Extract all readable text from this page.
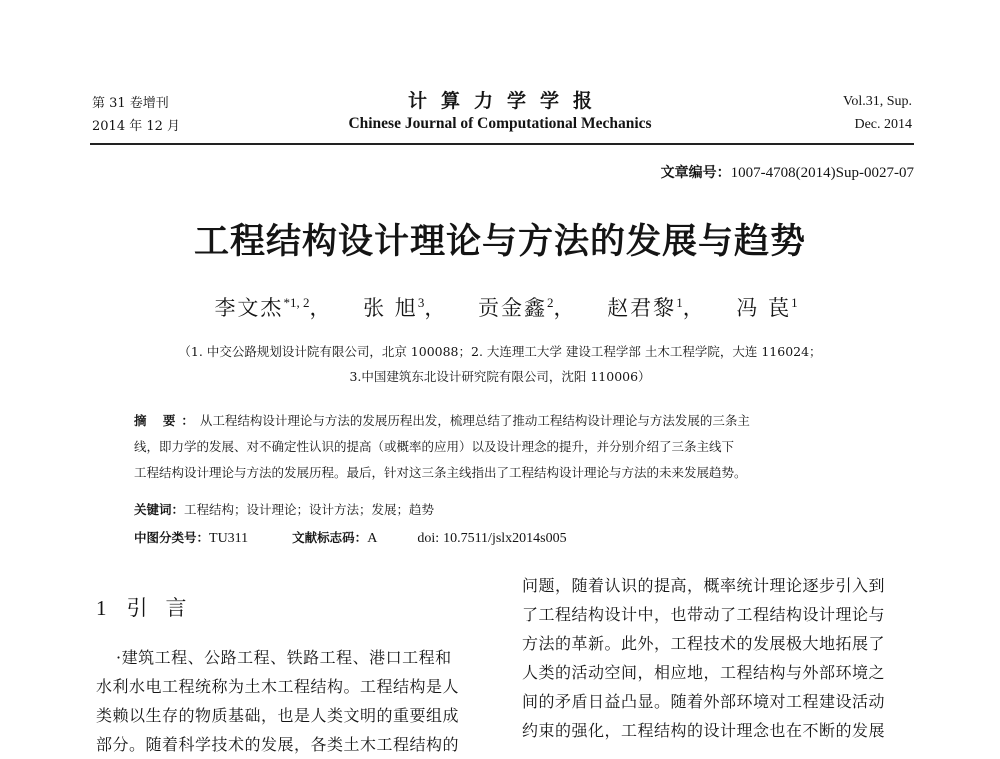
第 31 卷增刊
2014 年 12 月
计算力学学报
Chinese Journal of Computational Mechanics
Vol.31, Sup.
Dec. 2014
文章编号：1007-4708(2014)Sup-0027-07
工程结构设计理论与方法的发展与趋势
李文杰$^{*1, 2}$， 张 旭$^3$， 贡金鑫$^2$， 赵君黎$^1$， 冯 苠$^1$
（1. 中交公路规划设计院有限公司，北京 100088；2. 大连理工大学 建设工程学部 土木工程学院，大连 116024；
3.中国建筑东北设计研究院有限公司，沈阳 110006）
摘 要：从工程结构设计理论与方法的发展历程出发，梳理总结了推动工程结构设计理论与方法发展的三条主
线，即力学的发展、对不确定性认识的提高（或概率的应用）以及设计理念的提升，并分别介绍了三条主线下
工程结构设计理论与方法的发展历程。最后，针对这三条主线指出了工程结构设计理论与方法的未来发展趋势。
关键词：工程结构；设计理论；设计方法；发展；趋势
中图分类号：TU311	文献标志码：A	doi: 10.7511/jslx2014s005
1 引言
·建筑工程、公路工程、铁路工程、港口工程和
水利水电工程统称为土木工程结构。工程结构是人
类赖以生存的物质基础，也是人类文明的重要组成
部分。随着科学技术的发展，各类土木工程结构的
问题，随着认识的提高，概率统计理论逐步引入到
了工程结构设计中，也带动了工程结构设计理论与
方法的革新。此外，工程技术的发展极大地拓展了
人类的活动空间，相应地，工程结构与外部环境之
间的矛盾日益凸显。随着外部环境对工程建设活动
约束的强化，工程结构的设计理念也在不断的发展
